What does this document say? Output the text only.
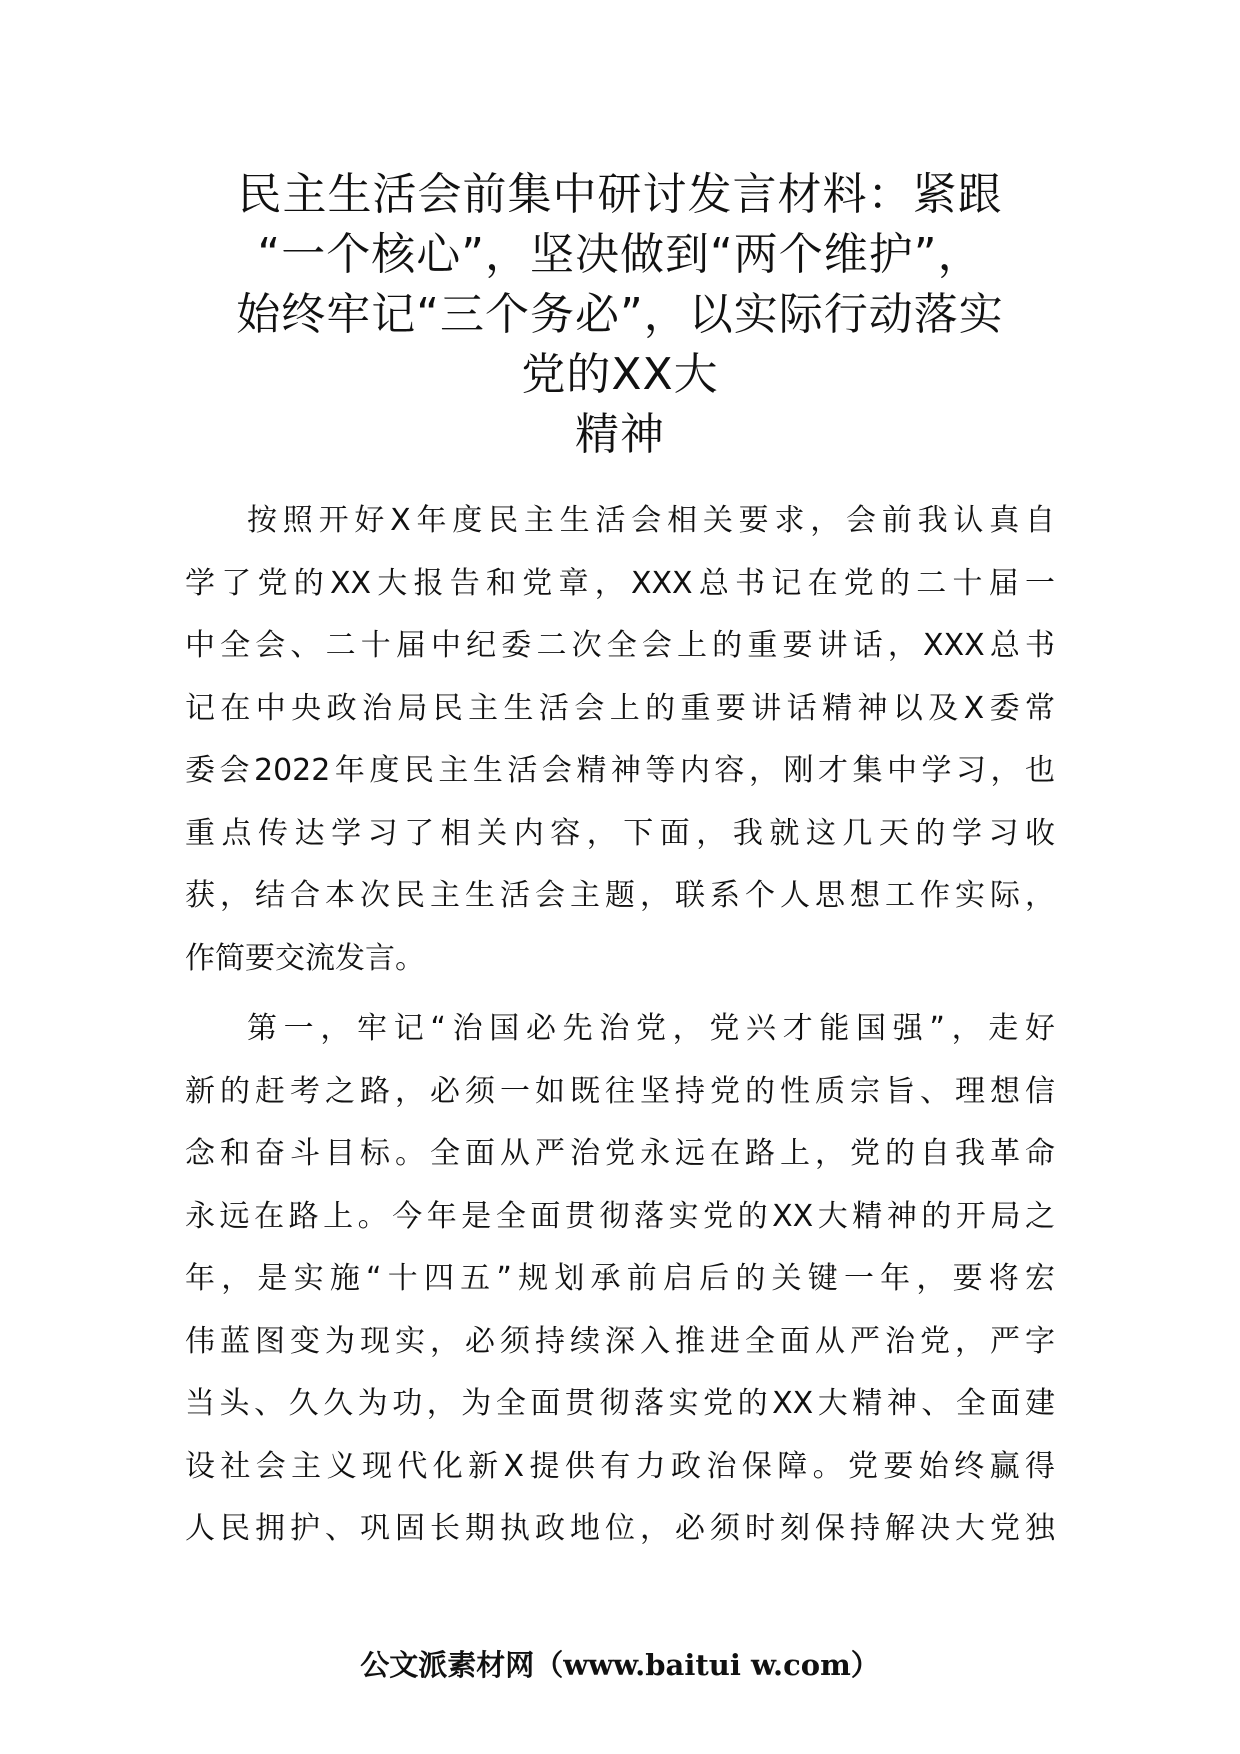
民主生活会前集中研讨发言材料：紧跟
“一个核心”，坚决做到“两个维护”，
始终牢记“三个务必”，以实际行动落实
党的XX大
精神
按照开好X年度民主生活会相关要求，会前我认真自
学了党的XX大报告和党章，XXX总书记在党的二十届一
中全会、二十届中纪委二次全会上的重要讲话，XXX总书
记在中央政治局民主生活会上的重要讲话精神以及X委常
委会2022年度民主生活会精神等内容，刚才集中学习，也
重点传达学习了相关内容，下面，我就这几天的学习收
获，结合本次民主生活会主题，联系个人思想工作实际，
作简要交流发言。
第一，牢记“治国必先治党，党兴才能国强”，走好
新的赶考之路，必须一如既往坚持党的性质宗旨、理想信
念和奋斗目标。全面从严治党永远在路上，党的自我革命
永远在路上。今年是全面贯彻落实党的XX大精神的开局之
年，是实施“十四五”规划承前启后的关键一年，要将宏
伟蓝图变为现实，必须持续深入推进全面从严治党，严字
当头、久久为功，为全面贯彻落实党的XX大精神、全面建
设社会主义现代化新X提供有力政治保障。党要始终赢得
人民拥护、巩固长期执政地位，必须时刻保持解决大党独
公文派素材网（www.baitui w.com）
